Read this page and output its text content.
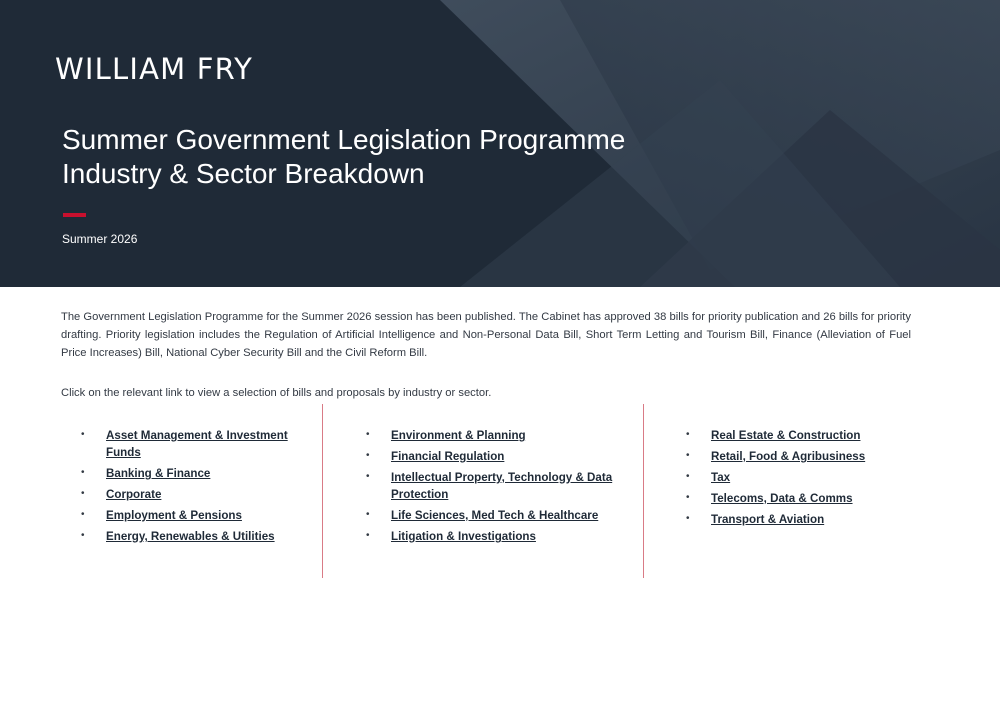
WILLIAM FRY
Summer Government Legislation Programme
Industry & Sector Breakdown
Summer 2026

The Government Legislation Programme for the Summer 2026 session has been published. The Cabinet has approved 38 bills for priority publication and 26 bills for priority drafting. Priority legislation includes the Regulation of Artificial Intelligence and Non-Personal Data Bill, Short Term Letting and Tourism Bill, Finance (Alleviation of Fuel Price Increases) Bill, National Cyber Security Bill and the Civil Reform Bill.

Click on the relevant link to view a selection of bills and proposals by industry or sector.

• Asset Management & Investment Funds
• Banking & Finance
• Corporate
• Employment & Pensions
• Energy, Renewables & Utilities
• Environment & Planning
• Financial Regulation
• Intellectual Property, Technology & Data Protection
• Life Sciences, Med Tech & Healthcare
• Litigation & Investigations
• Real Estate & Construction
• Retail, Food & Agribusiness
• Tax
• Telecoms, Data & Comms
• Transport & Aviation
